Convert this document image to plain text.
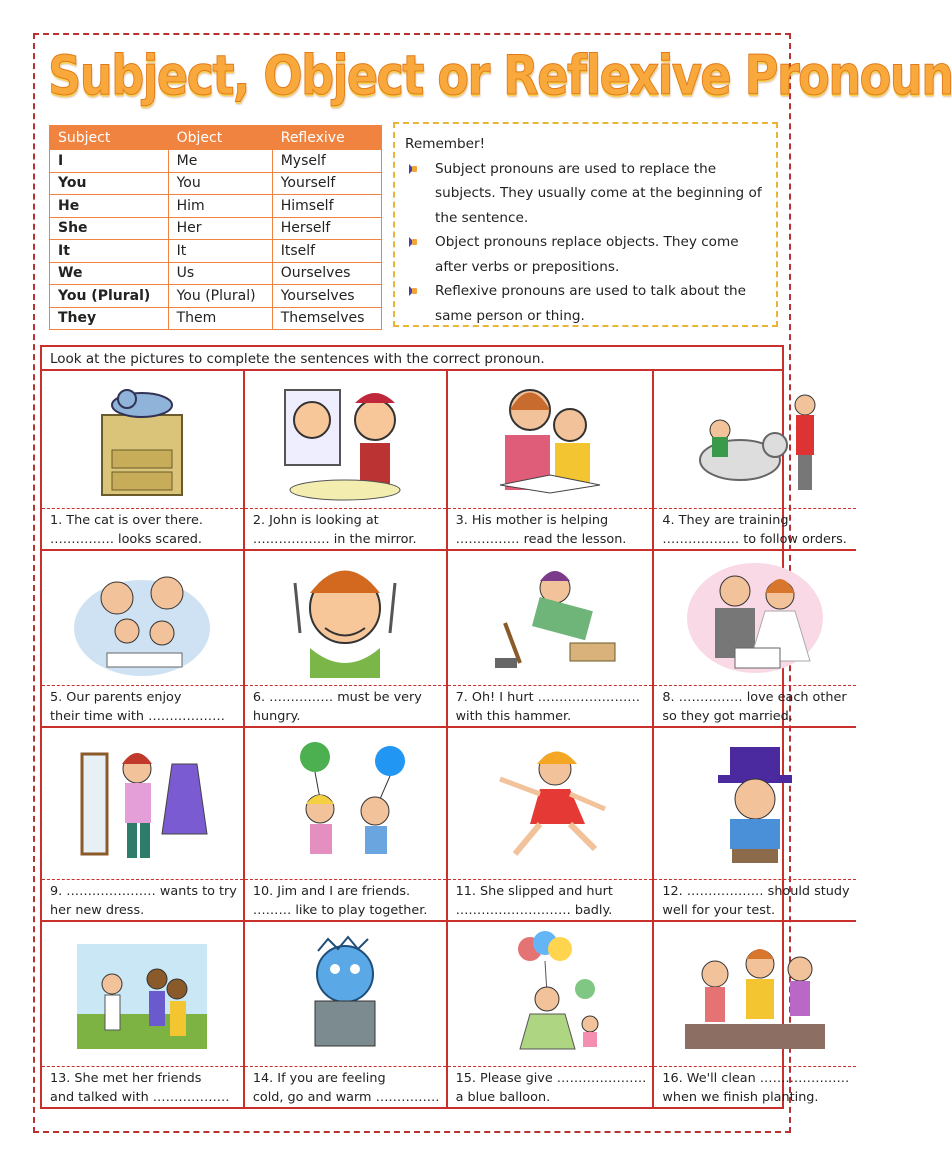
Subject, Object or Reflexive Pronoun
Subject	Object	Reflexive
I	Me	Myself
You	You	Yourself
He	Him	Himself
She	Her	Herself
It	It	Itself
We	Us	Ourselves
You (Plural)	You (Plural)	Yourselves
They	Them	Themselves
Remember!
Subject pronouns are used to replace the subjects. They usually come at the beginning of the sentence.
Object pronouns replace objects. They come after verbs or prepositions.
Reflexive pronouns are used to talk about the same person or thing.
Look at the pictures to complete the sentences with the correct pronoun.
1. The cat is over there.
…………… looks scared.
2. John is looking at
……………… in the mirror.
3. His mother is helping
…………… read the lesson.
4. They are training
……………… to follow orders.
5. Our parents enjoy
their time with ………………
6. …………… must be very
hungry.
7. Oh! I hurt ……………………
with this hammer.
8. …………… love each other
so they got married.
9. ………………… wants to try
her new dress.
10. Jim and I are friends.
……… like to play together.
11. She slipped and hurt
……………………… badly.
12. ……………… should study
well for your test.
13. She met her friends
and talked with ………………
14. If you are feeling
cold, go and warm ……………
15. Please give …………………
a blue balloon.
16. We'll clean …………………
when we finish planting.
